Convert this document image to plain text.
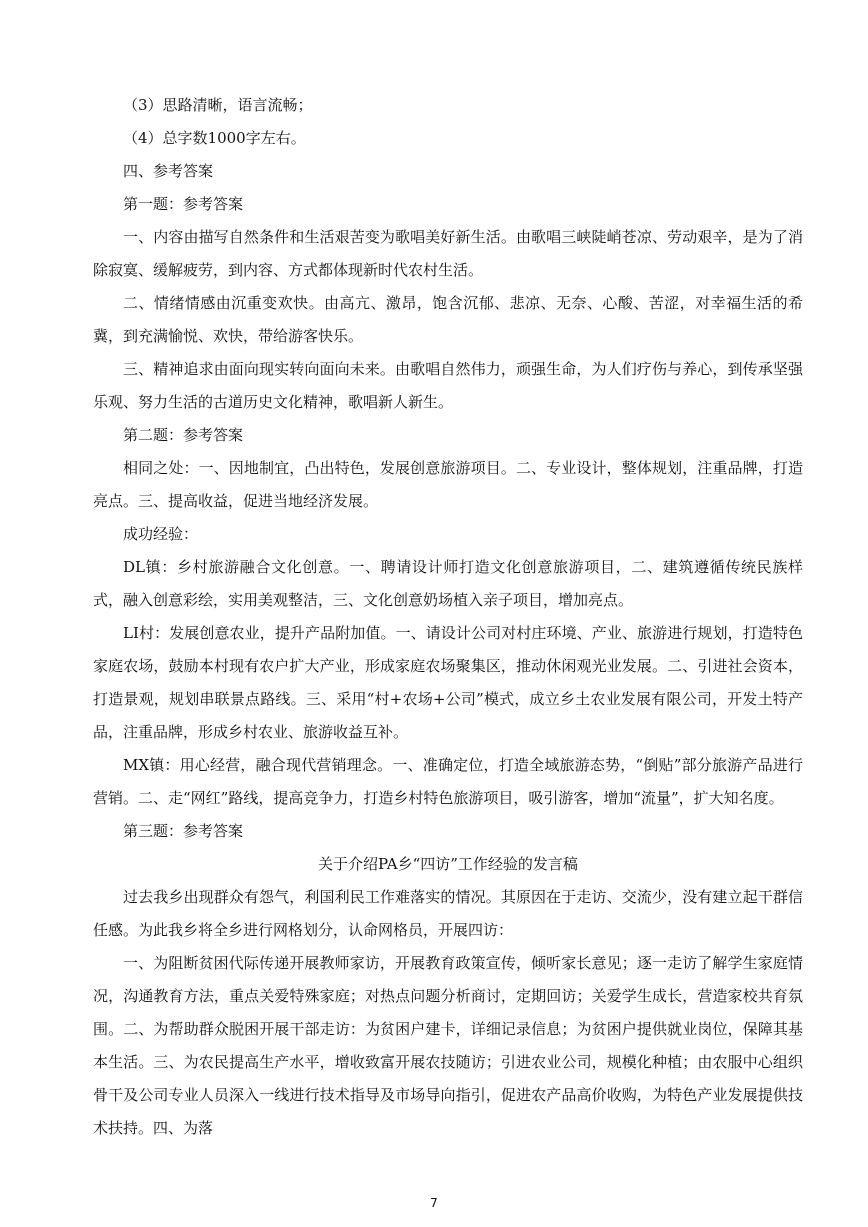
（3）思路清晰，语言流畅；

（4）总字数1000字左右。

四、参考答案

第一题：参考答案

一、内容由描写自然条件和生活艰苦变为歌唱美好新生活。由歌唱三峡陡峭苍凉、劳动艰辛，是为了消除寂寞、缓解疲劳，到内容、方式都体现新时代农村生活。

二、情绪情感由沉重变欢快。由高亢、激昂，饱含沉郁、悲凉、无奈、心酸、苦涩，对幸福生活的希冀，到充满愉悦、欢快，带给游客快乐。

三、精神追求由面向现实转向面向未来。由歌唱自然伟力，顽强生命，为人们疗伤与养心，到传承坚强乐观、努力生活的古道历史文化精神，歌唱新人新生。

第二题：参考答案

相同之处：一、因地制宜，凸出特色，发展创意旅游项目。二、专业设计，整体规划，注重品牌，打造亮点。三、提高收益，促进当地经济发展。

成功经验：

DL镇：乡村旅游融合文化创意。一、聘请设计师打造文化创意旅游项目，二、建筑遵循传统民族样式，融入创意彩绘，实用美观整洁，三、文化创意奶场植入亲子项目，增加亮点。

LI村：发展创意农业，提升产品附加值。一、请设计公司对村庄环境、产业、旅游进行规划，打造特色家庭农场，鼓励本村现有农户扩大产业，形成家庭农场聚集区，推动休闲观光业发展。二、引进社会资本，打造景观，规划串联景点路线。三、采用“村+农场+公司”模式，成立乡土农业发展有限公司，开发土特产品，注重品牌，形成乡村农业、旅游收益互补。

MX镇：用心经营，融合现代营销理念。一、准确定位，打造全域旅游态势，“倒贴”部分旅游产品进行营销。二、走“网红”路线，提高竞争力，打造乡村特色旅游项目，吸引游客，增加“流量”，扩大知名度。

第三题：参考答案

关于介绍PA乡“四访”工作经验的发言稿

过去我乡出现群众有怨气，利国利民工作难落实的情况。其原因在于走访、交流少，没有建立起干群信任感。为此我乡将全乡进行网格划分，认命网格员，开展四访：

一、为阻断贫困代际传递开展教师家访，开展教育政策宣传，倾听家长意见；逐一走访了解学生家庭情况，沟通教育方法，重点关爱特殊家庭；对热点问题分析商讨，定期回访；关爱学生成长，营造家校共育氛围。二、为帮助群众脱困开展干部走访：为贫困户建卡，详细记录信息；为贫困户提供就业岗位，保障其基本生活。三、为农民提高生产水平，增收致富开展农技随访；引进农业公司，规模化种植；由农服中心组织骨干及公司专业人员深入一线进行技术指导及市场导向指引，促进农产品高价收购，为特色产业发展提供技术扶持。四、为落

7
